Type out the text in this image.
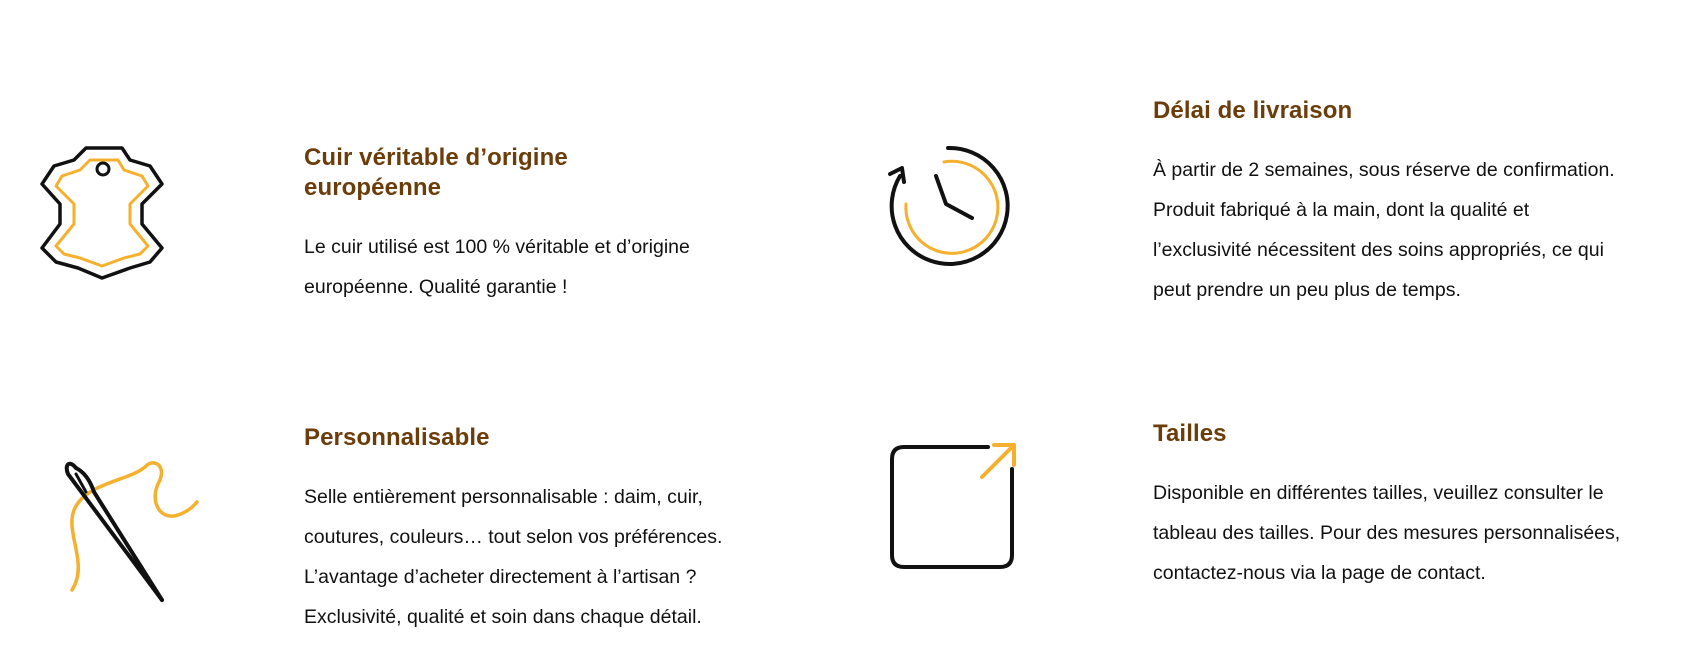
Cuir véritable d’origine européenne

Le cuir utilisé est 100 % véritable et d’origine
européenne. Qualité garantie !

Délai de livraison

À partir de 2 semaines, sous réserve de confirmation.
Produit fabriqué à la main, dont la qualité et
l’exclusivité nécessitent des soins appropriés, ce qui
peut prendre un peu plus de temps.

Personnalisable

Selle entièrement personnalisable : daim, cuir,
coutures, couleurs… tout selon vos préférences.
L’avantage d’acheter directement à l’artisan ?
Exclusivité, qualité et soin dans chaque détail.

Tailles

Disponible en différentes tailles, veuillez consulter le
tableau des tailles. Pour des mesures personnalisées,
contactez-nous via la page de contact.
